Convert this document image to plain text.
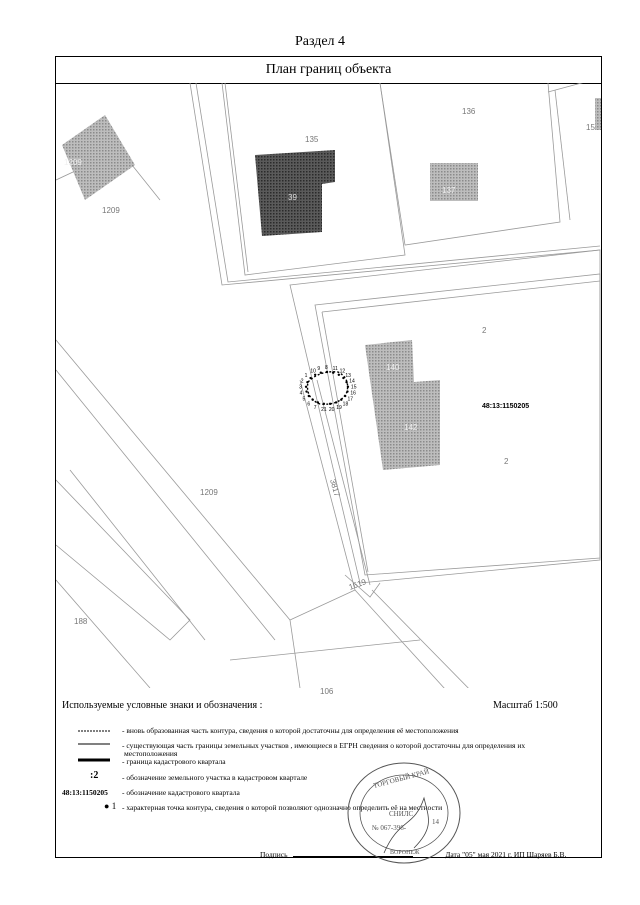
Раздел 4
План границ объекта
8
9
10
1
2
3
4
5
6
7 21 20 19
18
17
16
15
14
13
12
11
1209
1209
135
136
15
39
137
2
2
140
142
1209	3817
1619
188
106
48:13:1150205
Используемые условные знаки и обозначения :	Масштаб 1:500
- вновь образованная часть контура, сведения о которой достаточны для определения её местоположения
- существующая часть границы земельных участков , имеющиеся в ЕГРН сведения о которой достаточны для определения их
местоположения
- граница кадастрового квартала
:2	- обозначение земельного участка в кадастровом квартале
48:13:1150205 - обозначение кадастрового квартала
● 1 - характерная точка контура, сведения о которой позволяют однозначно определить её на местности
Подпись	Дата "05" мая 2021 г. ИП Шаряев Б.В.
ТОРГОВЫЙ КРАЙ
СНИЛС
№ 067-396-
14
ВОРОНЕЖ
